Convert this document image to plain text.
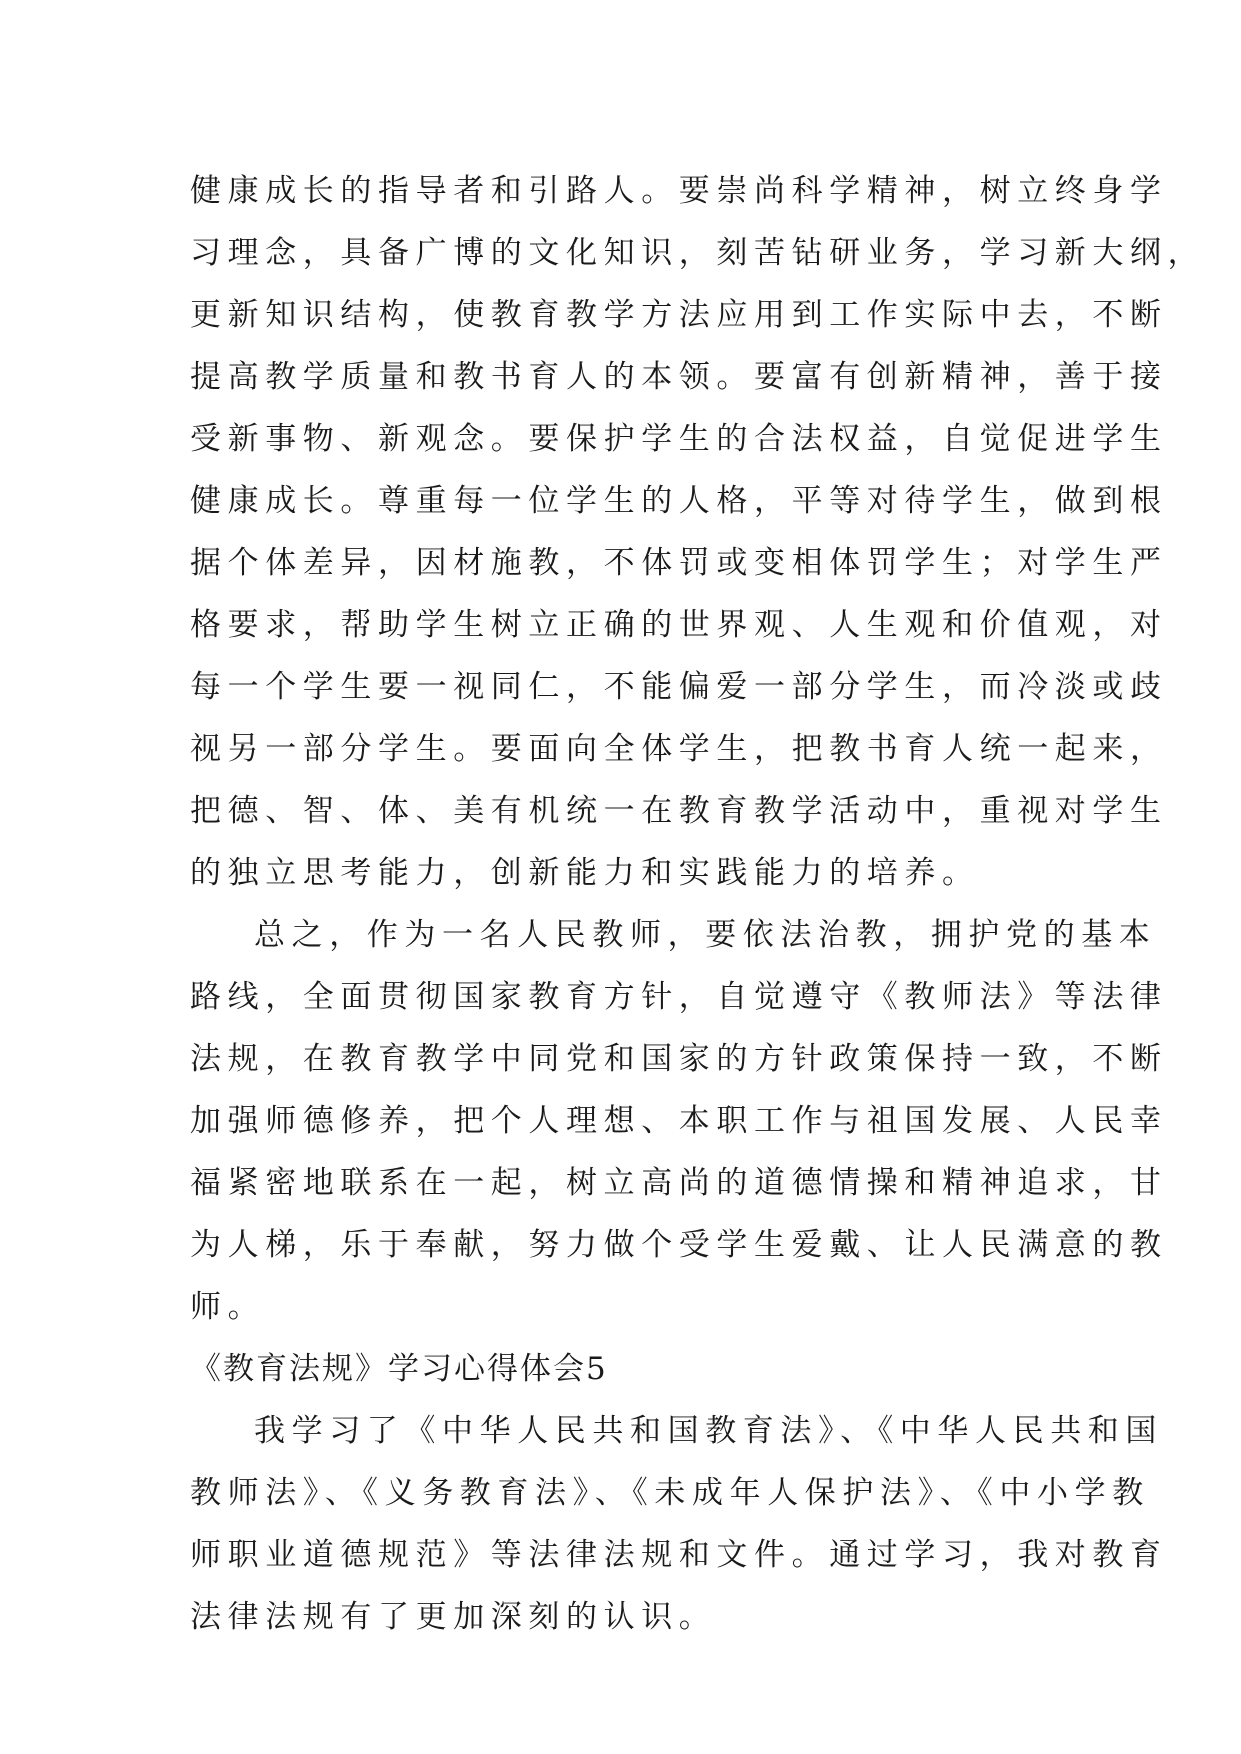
健康成长的指导者和引路人。要崇尚科学精神，树立终身学
习理念，具备广博的文化知识，刻苦钻研业务，学习新大纲，
更新知识结构，使教育教学方法应用到工作实际中去，不断
提高教学质量和教书育人的本领。要富有创新精神，善于接
受新事物、新观念。要保护学生的合法权益，自觉促进学生
健康成长。尊重每一位学生的人格，平等对待学生，做到根
据个体差异，因材施教，不体罚或变相体罚学生；对学生严
格要求，帮助学生树立正确的世界观、人生观和价值观，对
每一个学生要一视同仁，不能偏爱一部分学生，而冷淡或歧
视另一部分学生。要面向全体学生，把教书育人统一起来，
把德、智、体、美有机统一在教育教学活动中，重视对学生
的独立思考能力，创新能力和实践能力的培养。
总之，作为一名人民教师，要依法治教，拥护党的基本
路线，全面贯彻国家教育方针，自觉遵守《教师法》等法律
法规，在教育教学中同党和国家的方针政策保持一致，不断
加强师德修养，把个人理想、本职工作与祖国发展、人民幸
福紧密地联系在一起，树立高尚的道德情操和精神追求，甘
为人梯，乐于奉献，努力做个受学生爱戴、让人民满意的教
师。
《教育法规》学习心得体会5
我学习了《中华人民共和国教育法》、《中华人民共和国
教师法》、《义务教育法》、《未成年人保护法》、《中小学教
师职业道德规范》等法律法规和文件。通过学习，我对教育
法律法规有了更加深刻的认识。
